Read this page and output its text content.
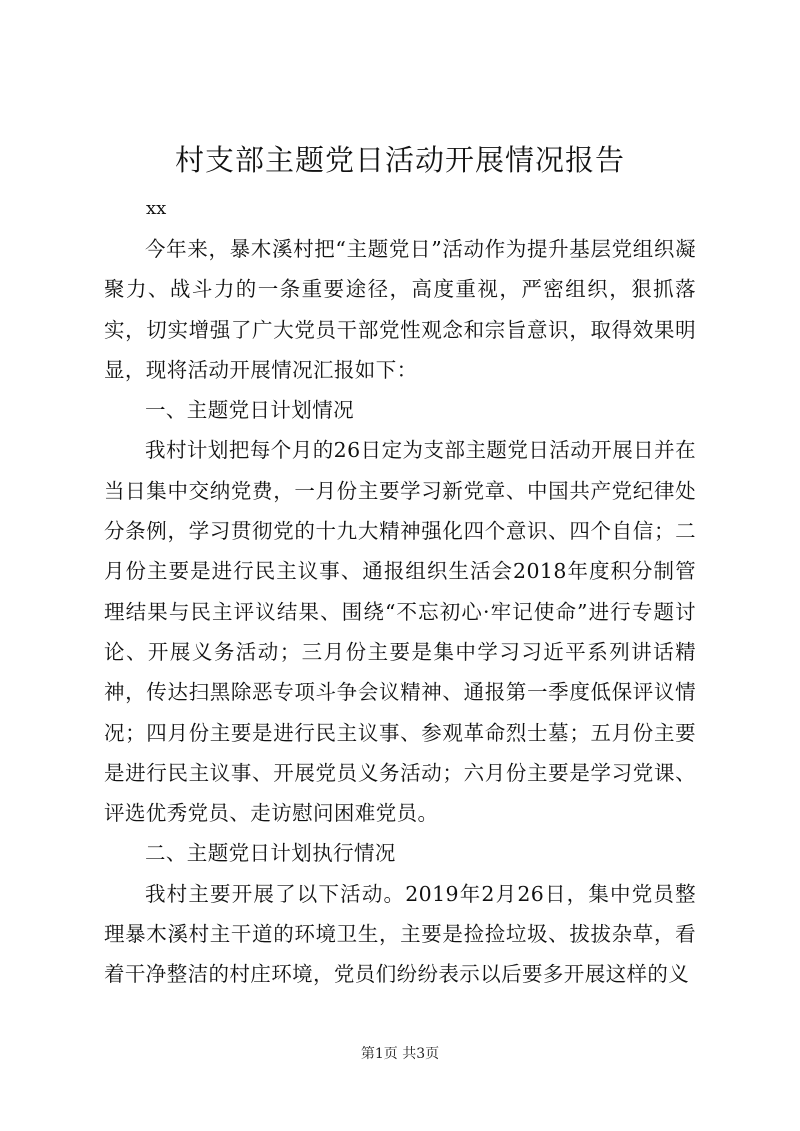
村支部主题党日活动开展情况报告
xx

今年来，暴木溪村把“主题党日”活动作为提升基层党组织凝聚力、战斗力的一条重要途径，高度重视，严密组织，狠抓落实，切实增强了广大党员干部党性观念和宗旨意识，取得效果明显，现将活动开展情况汇报如下：

一、主题党日计划情况

我村计划把每个月的26日定为支部主题党日活动开展日并在当日集中交纳党费，一月份主要学习新党章、中国共产党纪律处分条例，学习贯彻党的十九大精神强化四个意识、四个自信；二月份主要是进行民主议事、通报组织生活会2018年度积分制管理结果与民主评议结果、围绕“不忘初心·牢记使命”进行专题讨论、开展义务活动；三月份主要是集中学习习近平系列讲话精神，传达扫黑除恶专项斗争会议精神、通报第一季度低保评议情况；四月份主要是进行民主议事、参观革命烈士墓；五月份主要是进行民主议事、开展党员义务活动；六月份主要是学习党课、评选优秀党员、走访慰问困难党员。

二、主题党日计划执行情况

我村主要开展了以下活动。2019年2月26日，集中党员整理暴木溪村主干道的环境卫生，主要是捡捡垃圾、拔拔杂草，看着干净整洁的村庄环境，党员们纷纷表示以后要多开展这样的义

第1页 共3页
